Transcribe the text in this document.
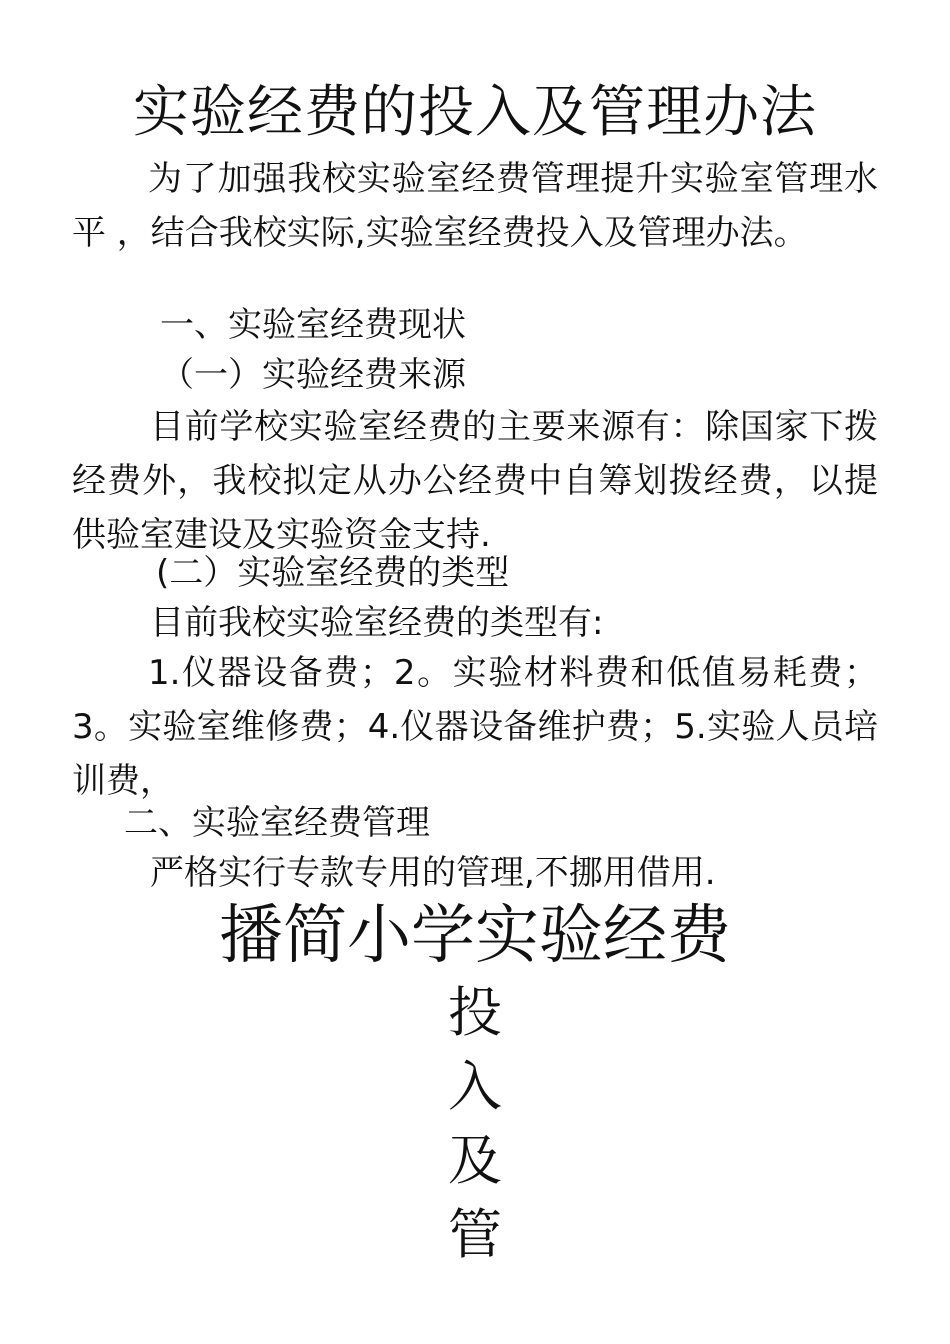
实验经费的投入及管理办法
为了加强我校实验室经费管理提升实验室管理水平 ，结合我校实际,实验室经费投入及管理办法。
一、实验室经费现状
（一）实验经费来源
目前学校实验室经费的主要来源有：除国家下拨经费外，我校拟定从办公经费中自筹划拨经费，以提供验室建设及实验资金支持.
(二）实验室经费的类型
目前我校实验室经费的类型有:
1.仪器设备费；2。实验材料费和低值易耗费；3。实验室维修费；4.仪器设备维护费；5.实验人员培训费，
二、实验室经费管理
严格实行专款专用的管理,不挪用借用.
播简小学实验经费
投
入
及
管
